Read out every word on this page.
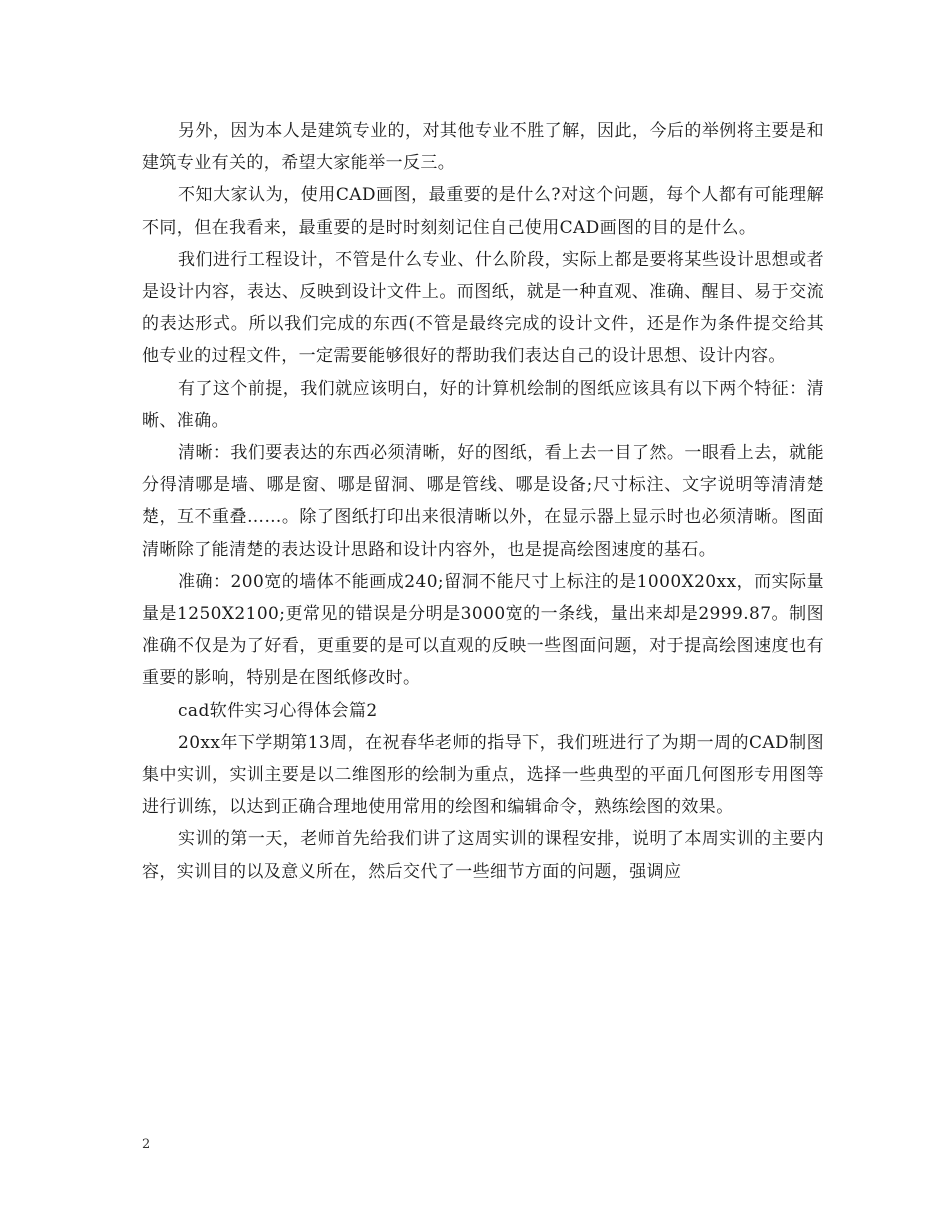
另外，因为本人是建筑专业的，对其他专业不胜了解，因此，今后的举例将主要是和建筑专业有关的，希望大家能举一反三。

不知大家认为，使用CAD画图，最重要的是什么?对这个问题，每个人都有可能理解不同，但在我看来，最重要的是时时刻刻记住自己使用CAD画图的目的是什么。

我们进行工程设计，不管是什么专业、什么阶段，实际上都是要将某些设计思想或者是设计内容，表达、反映到设计文件上。而图纸，就是一种直观、准确、醒目、易于交流的表达形式。所以我们完成的东西(不管是最终完成的设计文件，还是作为条件提交给其他专业的过程文件，一定需要能够很好的帮助我们表达自己的设计思想、设计内容。

有了这个前提，我们就应该明白，好的计算机绘制的图纸应该具有以下两个特征：清晰、准确。

清晰：我们要表达的东西必须清晰，好的图纸，看上去一目了然。一眼看上去，就能分得清哪是墙、哪是窗、哪是留洞、哪是管线、哪是设备;尺寸标注、文字说明等清清楚楚，互不重叠……。除了图纸打印出来很清晰以外，在显示器上显示时也必须清晰。图面清晰除了能清楚的表达设计思路和设计内容外，也是提高绘图速度的基石。

准确：200宽的墙体不能画成240;留洞不能尺寸上标注的是1000X20xx，而实际量量是1250X2100;更常见的错误是分明是3000宽的一条线，量出来却是2999.87。制图准确不仅是为了好看，更重要的是可以直观的反映一些图面问题，对于提高绘图速度也有重要的影响，特别是在图纸修改时。

cad软件实习心得体会篇2

20xx年下学期第13周，在祝春华老师的指导下，我们班进行了为期一周的CAD制图集中实训，实训主要是以二维图形的绘制为重点，选择一些典型的平面几何图形专用图等进行训练，以达到正确合理地使用常用的绘图和编辑命令，熟练绘图的效果。

实训的第一天，老师首先给我们讲了这周实训的课程安排，说明了本周实训的主要内容，实训目的以及意义所在，然后交代了一些细节方面的问题，强调应

2
